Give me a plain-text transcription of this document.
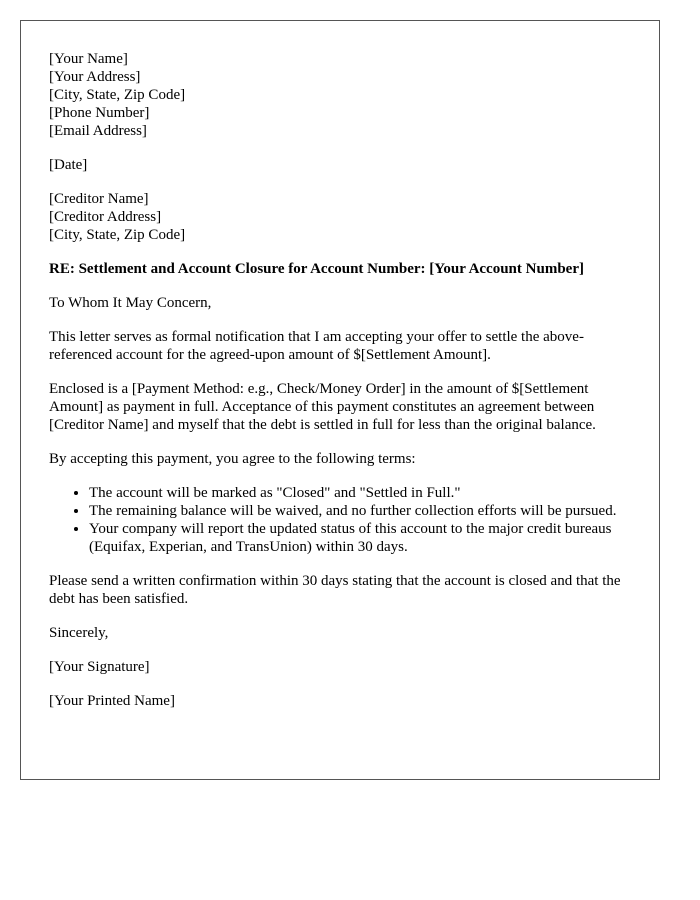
[Your Name]
[Your Address]
[City, State, Zip Code]
[Phone Number]
[Email Address]
[Date]
[Creditor Name]
[Creditor Address]
[City, State, Zip Code]

RE: Settlement and Account Closure for Account Number: [Your Account Number]

To Whom It May Concern,

This letter serves as formal notification that I am accepting your offer to settle the above-referenced account for the agreed-upon amount of $[Settlement Amount].

Enclosed is a [Payment Method: e.g., Check/Money Order] in the amount of $[Settlement Amount] as payment in full. Acceptance of this payment constitutes an agreement between [Creditor Name] and myself that the debt is settled in full for less than the original balance.

By accepting this payment, you agree to the following terms:

• The account will be marked as "Closed" and "Settled in Full."
• The remaining balance will be waived, and no further collection efforts will be pursued.
• Your company will report the updated status of this account to the major credit bureaus (Equifax, Experian, and TransUnion) within 30 days.

Please send a written confirmation within 30 days stating that the account is closed and that the debt has been satisfied.

Sincerely,

[Your Signature]

[Your Printed Name]
